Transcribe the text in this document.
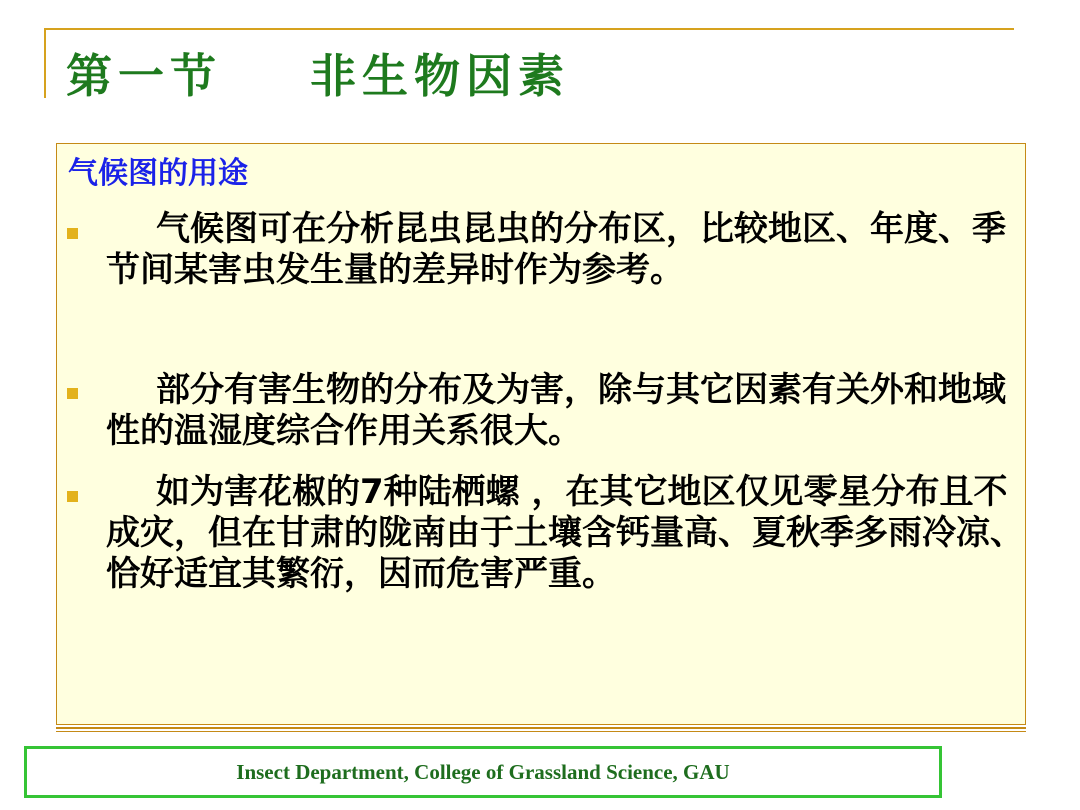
第一节    非生物因素
气候图的用途

气候图可在分析昆虫昆虫的分布区，比较地区、年度、季节间某害虫发生量的差异时作为参考。

部分有害生物的分布及为害，除与其它因素有关外和地域性的温湿度综合作用关系很大。

如为害花椒的7种陆栖螺 ，在其它地区仅见零星分布且不成灾，但在甘肃的陇南由于土壤含钙量高、夏秋季多雨冷凉、恰好适宜其繁衍，因而危害严重。

Insect Department, College of Grassland Science, GAU
